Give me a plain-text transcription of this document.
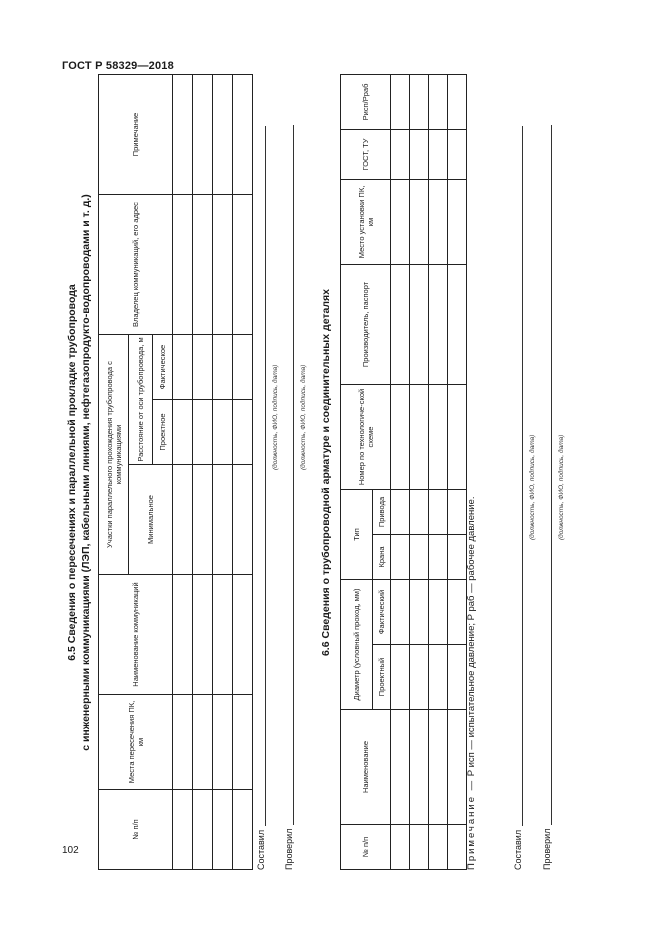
ГОСТ Р 58329—2018
102
6.5 Сведения о пересечениях и параллельной прокладке трубопровода с инженерными коммуникациями (ЛЭП, кабельными линиями, нефтегазопродукто-водопроводами и т. д.)
№ п/п	Места пересечения ПК, км	Наименование коммуникаций	Участки параллельного прохождения трубопровода с коммуникациями			Владелец коммуникаций, его адрес	Примечание
			Минимальное	Расстояние от оси трубопровода, м			
				Проектное	Фактическое		

Составил
(должность, ФИО, подпись, дата)
Проверил
(должность, ФИО, подпись, дата) 6.6 Сведения о трубопроводной арматуре и соединительных деталях
№ п/п	Наименование	Диаметр (условный проход, мм)		Тип		Номер по технологиче-ской схеме	Производитель, паспорт	Место установки ПК, км	ГОСТ, ТУ	Pисп/Pраб
		Проектный	Фактический	Крана	Привода					

Примечание — P исп — испытательное давление; P раб — рабочее давление.
Составил
(должность, ФИО, подпись, дата)
Проверил
(должность, ФИО, подпись, дата)
